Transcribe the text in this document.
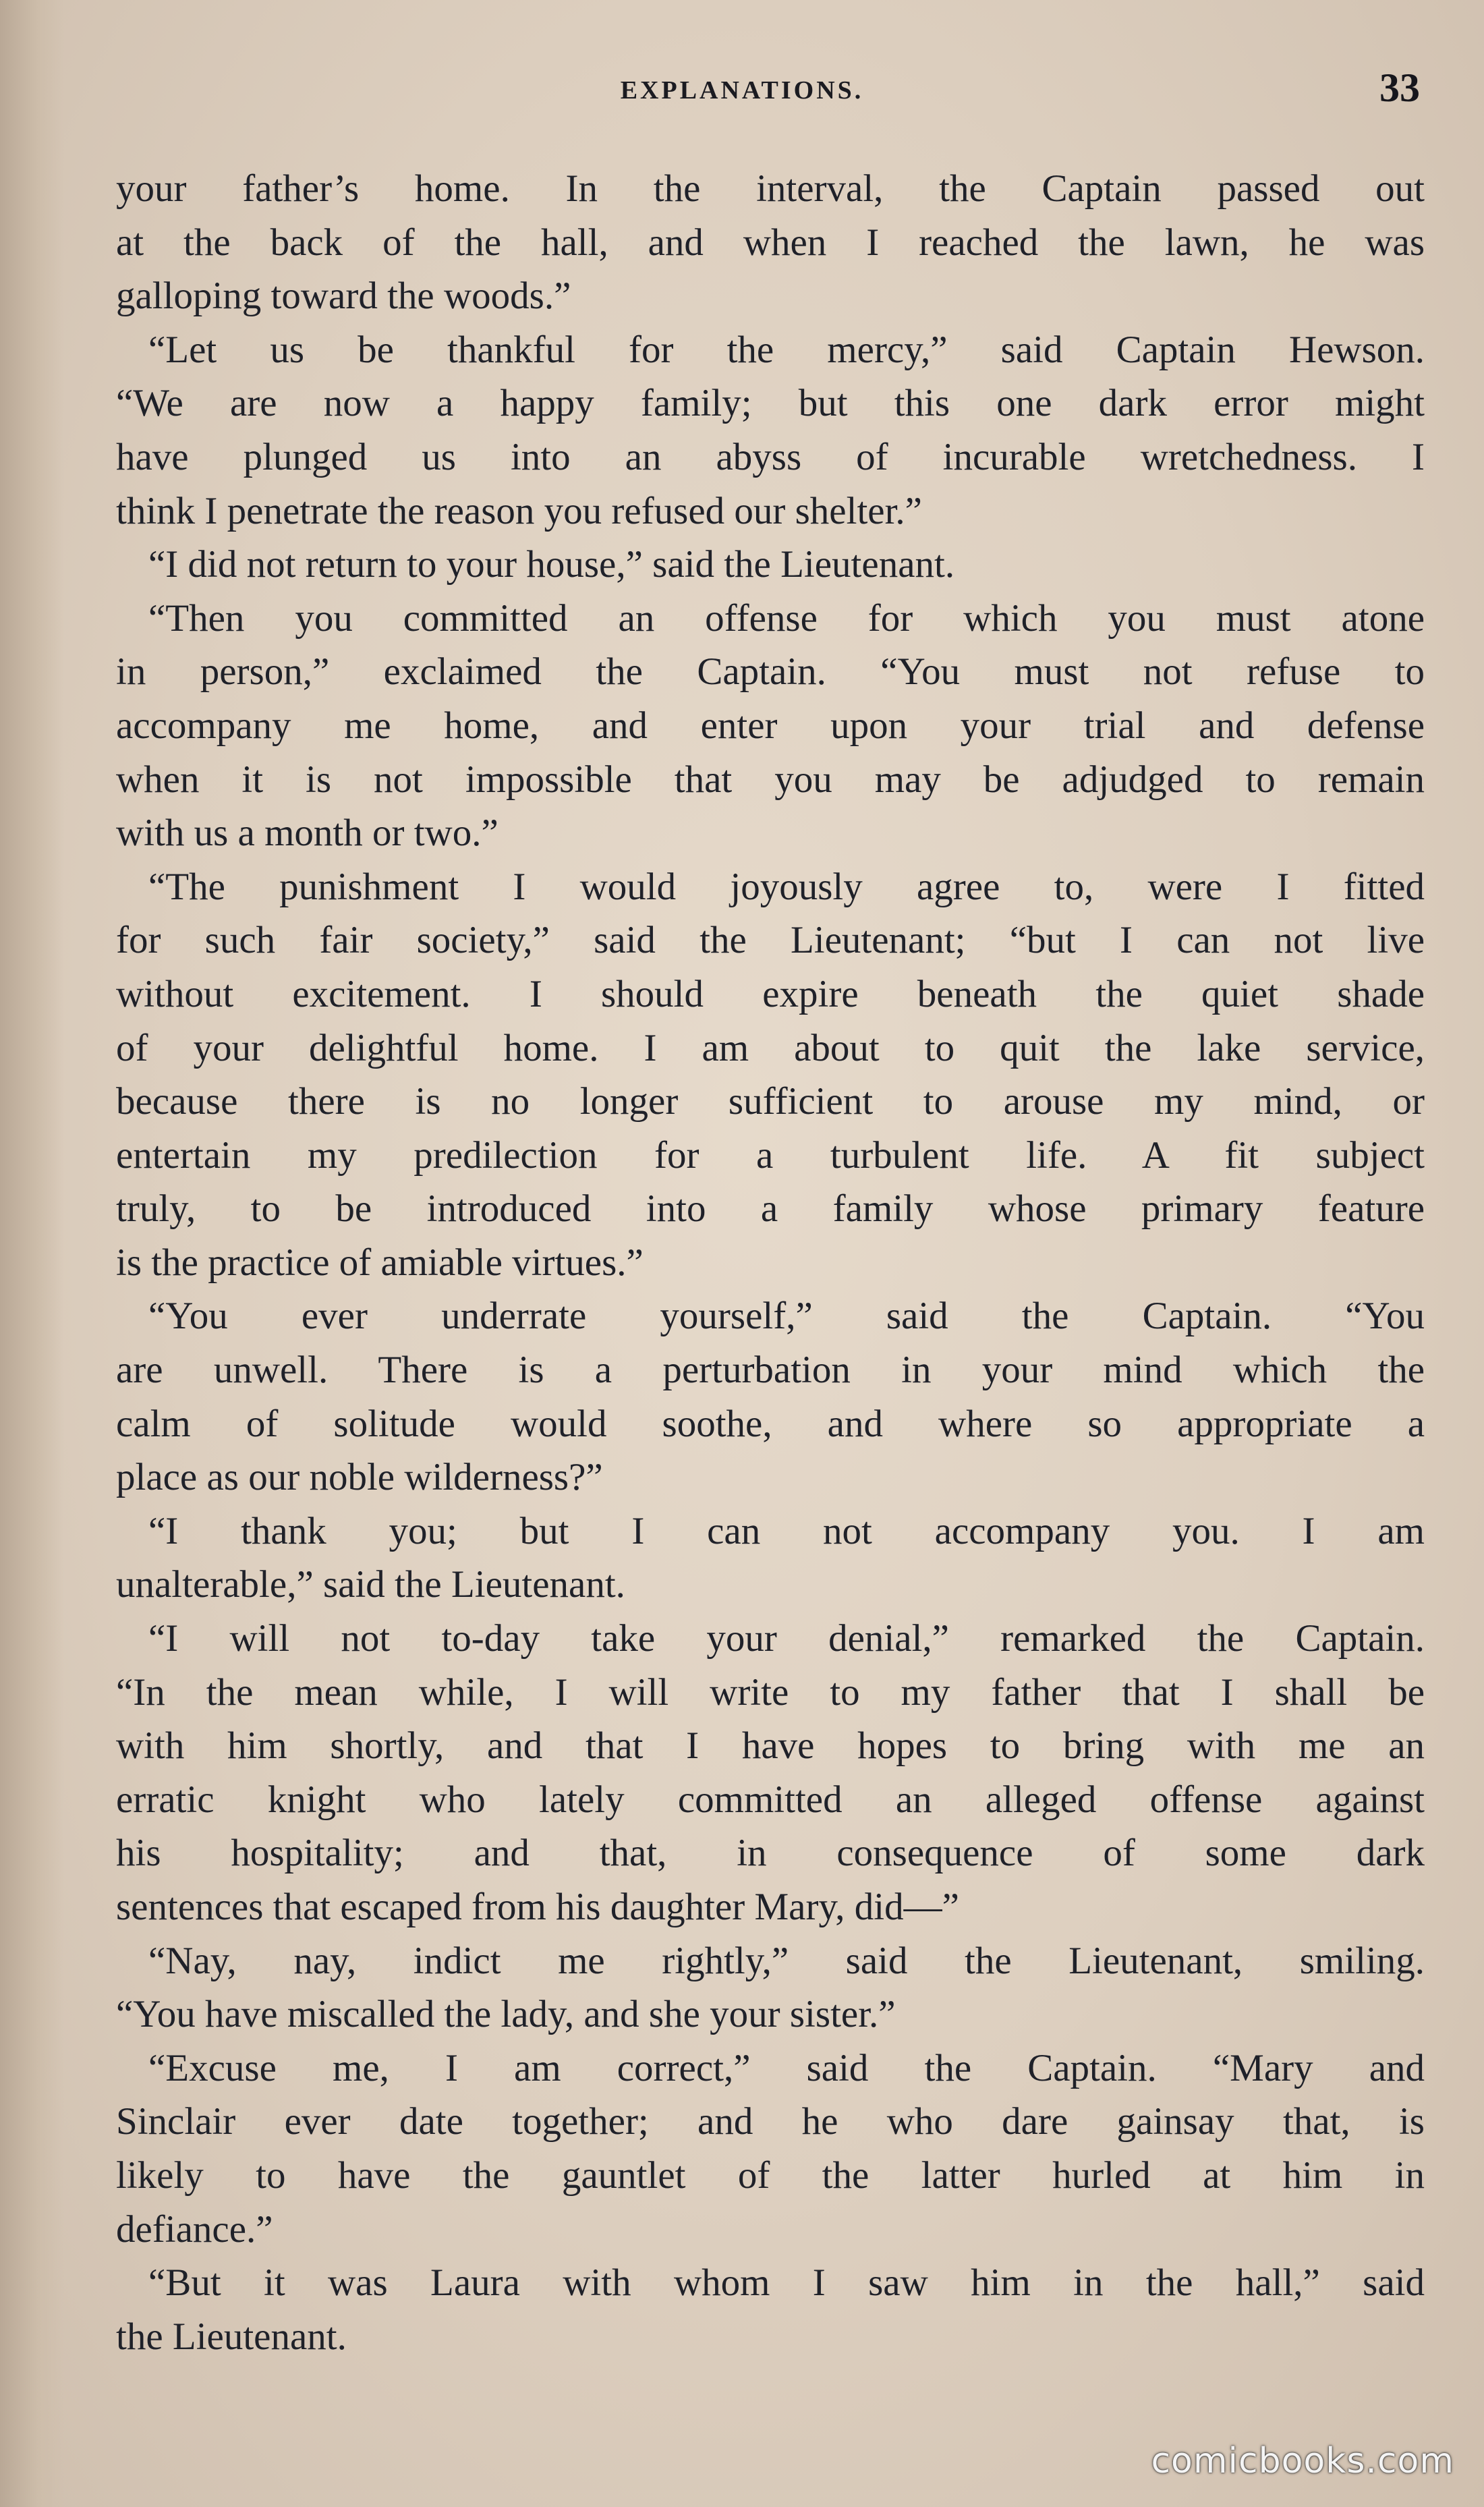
EXPLANATIONS.	33
your father’s home. In the interval, the Captain passed out
at the back of the hall, and when I reached the lawn, he was
galloping toward the woods.”
“Let us be thankful for the mercy,” said Captain Hewson.
“We are now a happy family; but this one dark error might
have plunged us into an abyss of incurable wretchedness. I
think I penetrate the reason you refused our shelter.”
“I did not return to your house,” said the Lieutenant.
“Then you committed an offense for which you must atone
in person,” exclaimed the Captain. “You must not refuse to
accompany me home, and enter upon your trial and defense
when it is not impossible that you may be adjudged to remain
with us a month or two.”
“The punishment I would joyously agree to, were I fitted
for such fair society,” said the Lieutenant; “but I can not live
without excitement. I should expire beneath the quiet shade
of your delightful home. I am about to quit the lake service,
because there is no longer sufficient to arouse my mind, or
entertain my predilection for a turbulent life. A fit subject
truly, to be introduced into a family whose primary feature
is the practice of amiable virtues.”
“You ever underrate yourself,” said the Captain. “You
are unwell. There is a perturbation in your mind which the
calm of solitude would soothe, and where so appropriate a
place as our noble wilderness?”
“I thank you; but I can not accompany you. I am
unalterable,” said the Lieutenant.
“I will not to-day take your denial,” remarked the Captain.
“In the mean while, I will write to my father that I shall be
with him shortly, and that I have hopes to bring with me an
erratic knight who lately committed an alleged offense against
his hospitality; and that, in consequence of some dark
sentences that escaped from his daughter Mary, did—”
“Nay, nay, indict me rightly,” said the Lieutenant, smiling.
“You have miscalled the lady, and she your sister.”
“Excuse me, I am correct,” said the Captain. “Mary and
Sinclair ever date together; and he who dare gainsay that, is
likely to have the gauntlet of the latter hurled at him in
defiance.”
“But it was Laura with whom I saw him in the hall,” said
the Lieutenant.
comicbooks.com
